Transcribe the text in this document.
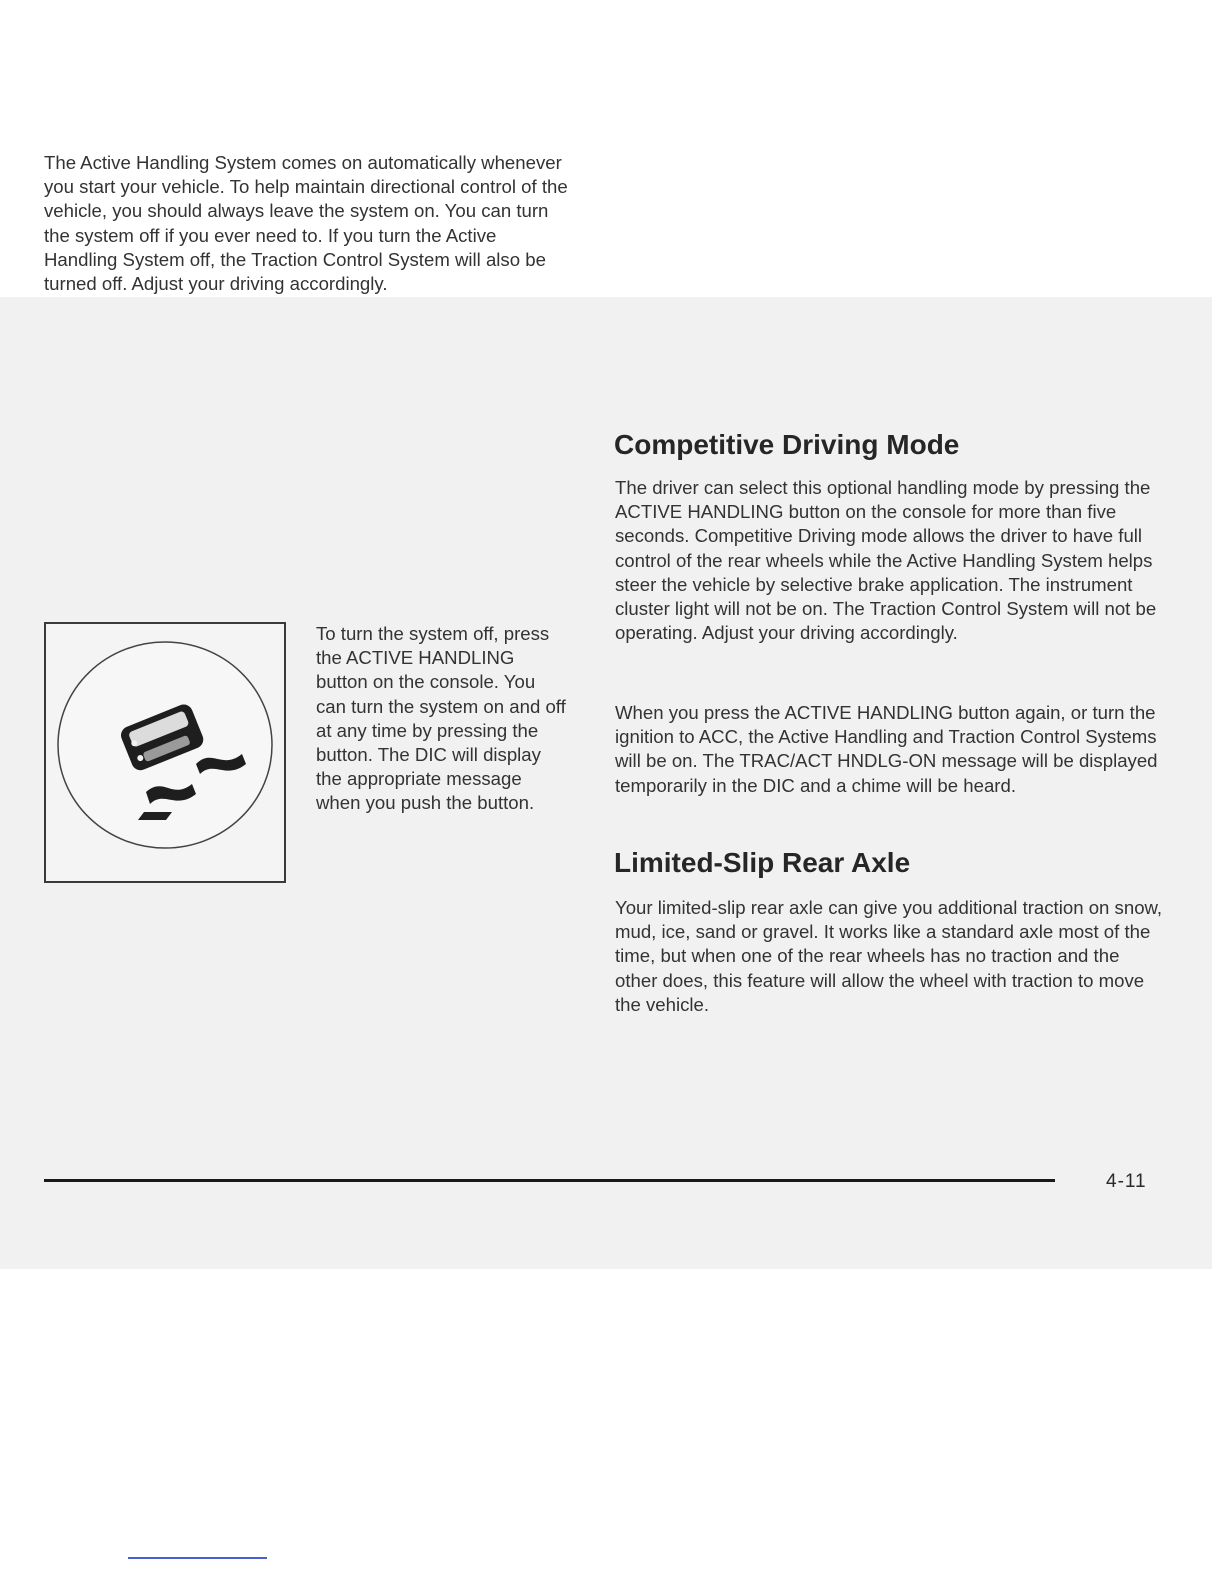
The Active Handling System comes on automatically whenever you start your vehicle. To help maintain directional control of the vehicle, you should always leave the system on. You can turn the system off if you ever need to. If you turn the Active Handling System off, the Traction Control System will also be turned off. Adjust your driving accordingly.

To turn the system off, press the ACTIVE HANDLING button on the console. You can turn the system on and off at any time by pressing the button. The DIC will display the appropriate message when you push the button.

Competitive Driving Mode

The driver can select this optional handling mode by pressing the ACTIVE HANDLING button on the console for more than five seconds. Competitive Driving mode allows the driver to have full control of the rear wheels while the Active Handling System helps steer the vehicle by selective brake application. The instrument cluster light will not be on. The Traction Control System will not be operating. Adjust your driving accordingly.

When you press the ACTIVE HANDLING button again, or turn the ignition to ACC, the Active Handling and Traction Control Systems will be on. The TRAC/ACT HNDLG-ON message will be displayed temporarily in the DIC and a chime will be heard.

Limited-Slip Rear Axle

Your limited-slip rear axle can give you additional traction on snow, mud, ice, sand or gravel. It works like a standard axle most of the time, but when one of the rear wheels has no traction and the other does, this feature will allow the wheel with traction to move the vehicle.

4-11
